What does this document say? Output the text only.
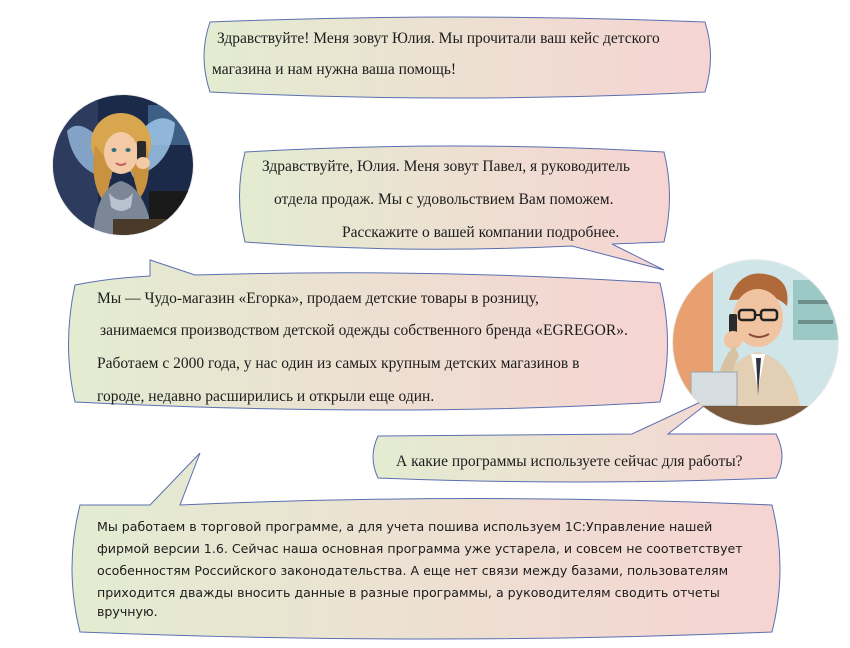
Здравствуйте! Меня зовут Юлия. Мы прочитали ваш кейс детского

магазина и нам нужна ваша помощь!

Здравствуйте, Юлия. Меня зовут Павел, я руководитель

отдела продаж. Мы с удовольствием Вам поможем.

Расскажите о вашей компании подробнее.

Мы — Чудо-магазин «Егорка», продаем детские товары в розницу,

занимаемся производством детской одежды собственного бренда «EGREGOR».

Работаем с 2000 года, у нас один из самых крупным детских магазинов в

городе, недавно расширились и открыли еще один.

А какие программы используете сейчас для работы?

Мы работаем в торговой программе, а для учета пошива используем 1С:Управление нашей

фирмой версии 1.6. Сейчас наша основная программа уже устарела, и совсем не соответствует

особенностям Российского законодательства. А еще нет связи между базами, пользователям

приходится дважды вносить данные в разные программы, а руководителям сводить отчеты

вручную.
